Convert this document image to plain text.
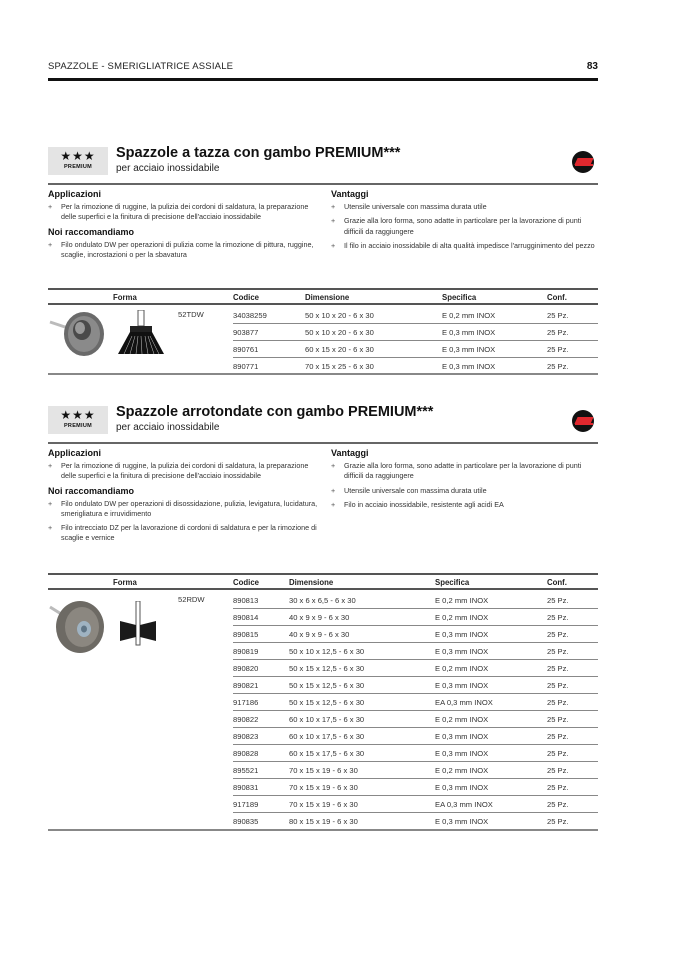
SPAZZOLE - SMERIGLIATRICE ASSIALE	83
★★★
PREMIUM
Spazzole a tazza con gambo PREMIUM***
per acciaio inossidabile
Applicazioni
+ Per la rimozione di ruggine, la pulizia dei cordoni di saldatura, la preparazione delle superfici e la finitura di precisione dell'acciaio inossidabile
Noi raccomandiamo
+ Filo ondulato DW per operazioni di pulizia come la rimozione di pittura, ruggine, scaglie, incrostazioni o per la sbavatura
Vantaggi
+ Utensile universale con massima durata utile
+ Grazie alla loro forma, sono adatte in particolare per la lavorazione di punti difficili da raggiungere
+ Il filo in acciaio inossidabile di alta qualità impedisce l'arrugginimento del pezzo
Forma	Codice	Dimensione	Specifica	Conf.
52TDW	34038259	50 x 10 x 20 - 6 x 30	E 0,2 mm INOX	25 Pz.
903877	50 x 10 x 20 - 6 x 30	E 0,3 mm INOX	25 Pz.
890761	60 x 15 x 20 - 6 x 30	E 0,3 mm INOX	25 Pz.
890771	70 x 15 x 25 - 6 x 30	E 0,3 mm INOX	25 Pz.
★★★
PREMIUM
Spazzole arrotondate con gambo PREMIUM***
per acciaio inossidabile
Applicazioni
+ Per la rimozione di ruggine, la pulizia dei cordoni di saldatura, la preparazione delle superfici e la finitura di precisione dell'acciaio inossidabile
Noi raccomandiamo
+ Filo ondulato DW per operazioni di disossidazione, pulizia, levigatura, lucidatura, smerigliatura e irruvidimento
+ Filo intrecciato DZ per la lavorazione di cordoni di saldatura e per la rimozione di scaglie e vernice
Vantaggi
+ Grazie alla loro forma, sono adatte in particolare per la lavorazione di punti difficili da raggiungere
+ Utensile universale con massima durata utile
+ Filo in acciaio inossidabile, resistente agli acidi EA
Forma	Codice	Dimensione	Specifica	Conf.
52RDW	890813	30 x 6 x 6,5 - 6 x 30	E 0,2 mm INOX	25 Pz.
890814	40 x 9 x 9 - 6 x 30	E 0,2 mm INOX	25 Pz.
890815	40 x 9 x 9 - 6 x 30	E 0,3 mm INOX	25 Pz.
890819	50 x 10 x 12,5 - 6 x 30	E 0,3 mm INOX	25 Pz.
890820	50 x 15 x 12,5 - 6 x 30	E 0,2 mm INOX	25 Pz.
890821	50 x 15 x 12,5 - 6 x 30	E 0,3 mm INOX	25 Pz.
917186	50 x 15 x 12,5 - 6 x 30	EA 0,3 mm INOX	25 Pz.
890822	60 x 10 x 17,5 - 6 x 30	E 0,2 mm INOX	25 Pz.
890823	60 x 10 x 17,5 - 6 x 30	E 0,3 mm INOX	25 Pz.
890828	60 x 15 x 17,5 - 6 x 30	E 0,3 mm INOX	25 Pz.
895521	70 x 15 x 19 - 6 x 30	E 0,2 mm INOX	25 Pz.
890831	70 x 15 x 19 - 6 x 30	E 0,3 mm INOX	25 Pz.
917189	70 x 15 x 19 - 6 x 30	EA 0,3 mm INOX	25 Pz.
890835	80 x 15 x 19 - 6 x 30	E 0,3 mm INOX	25 Pz.
